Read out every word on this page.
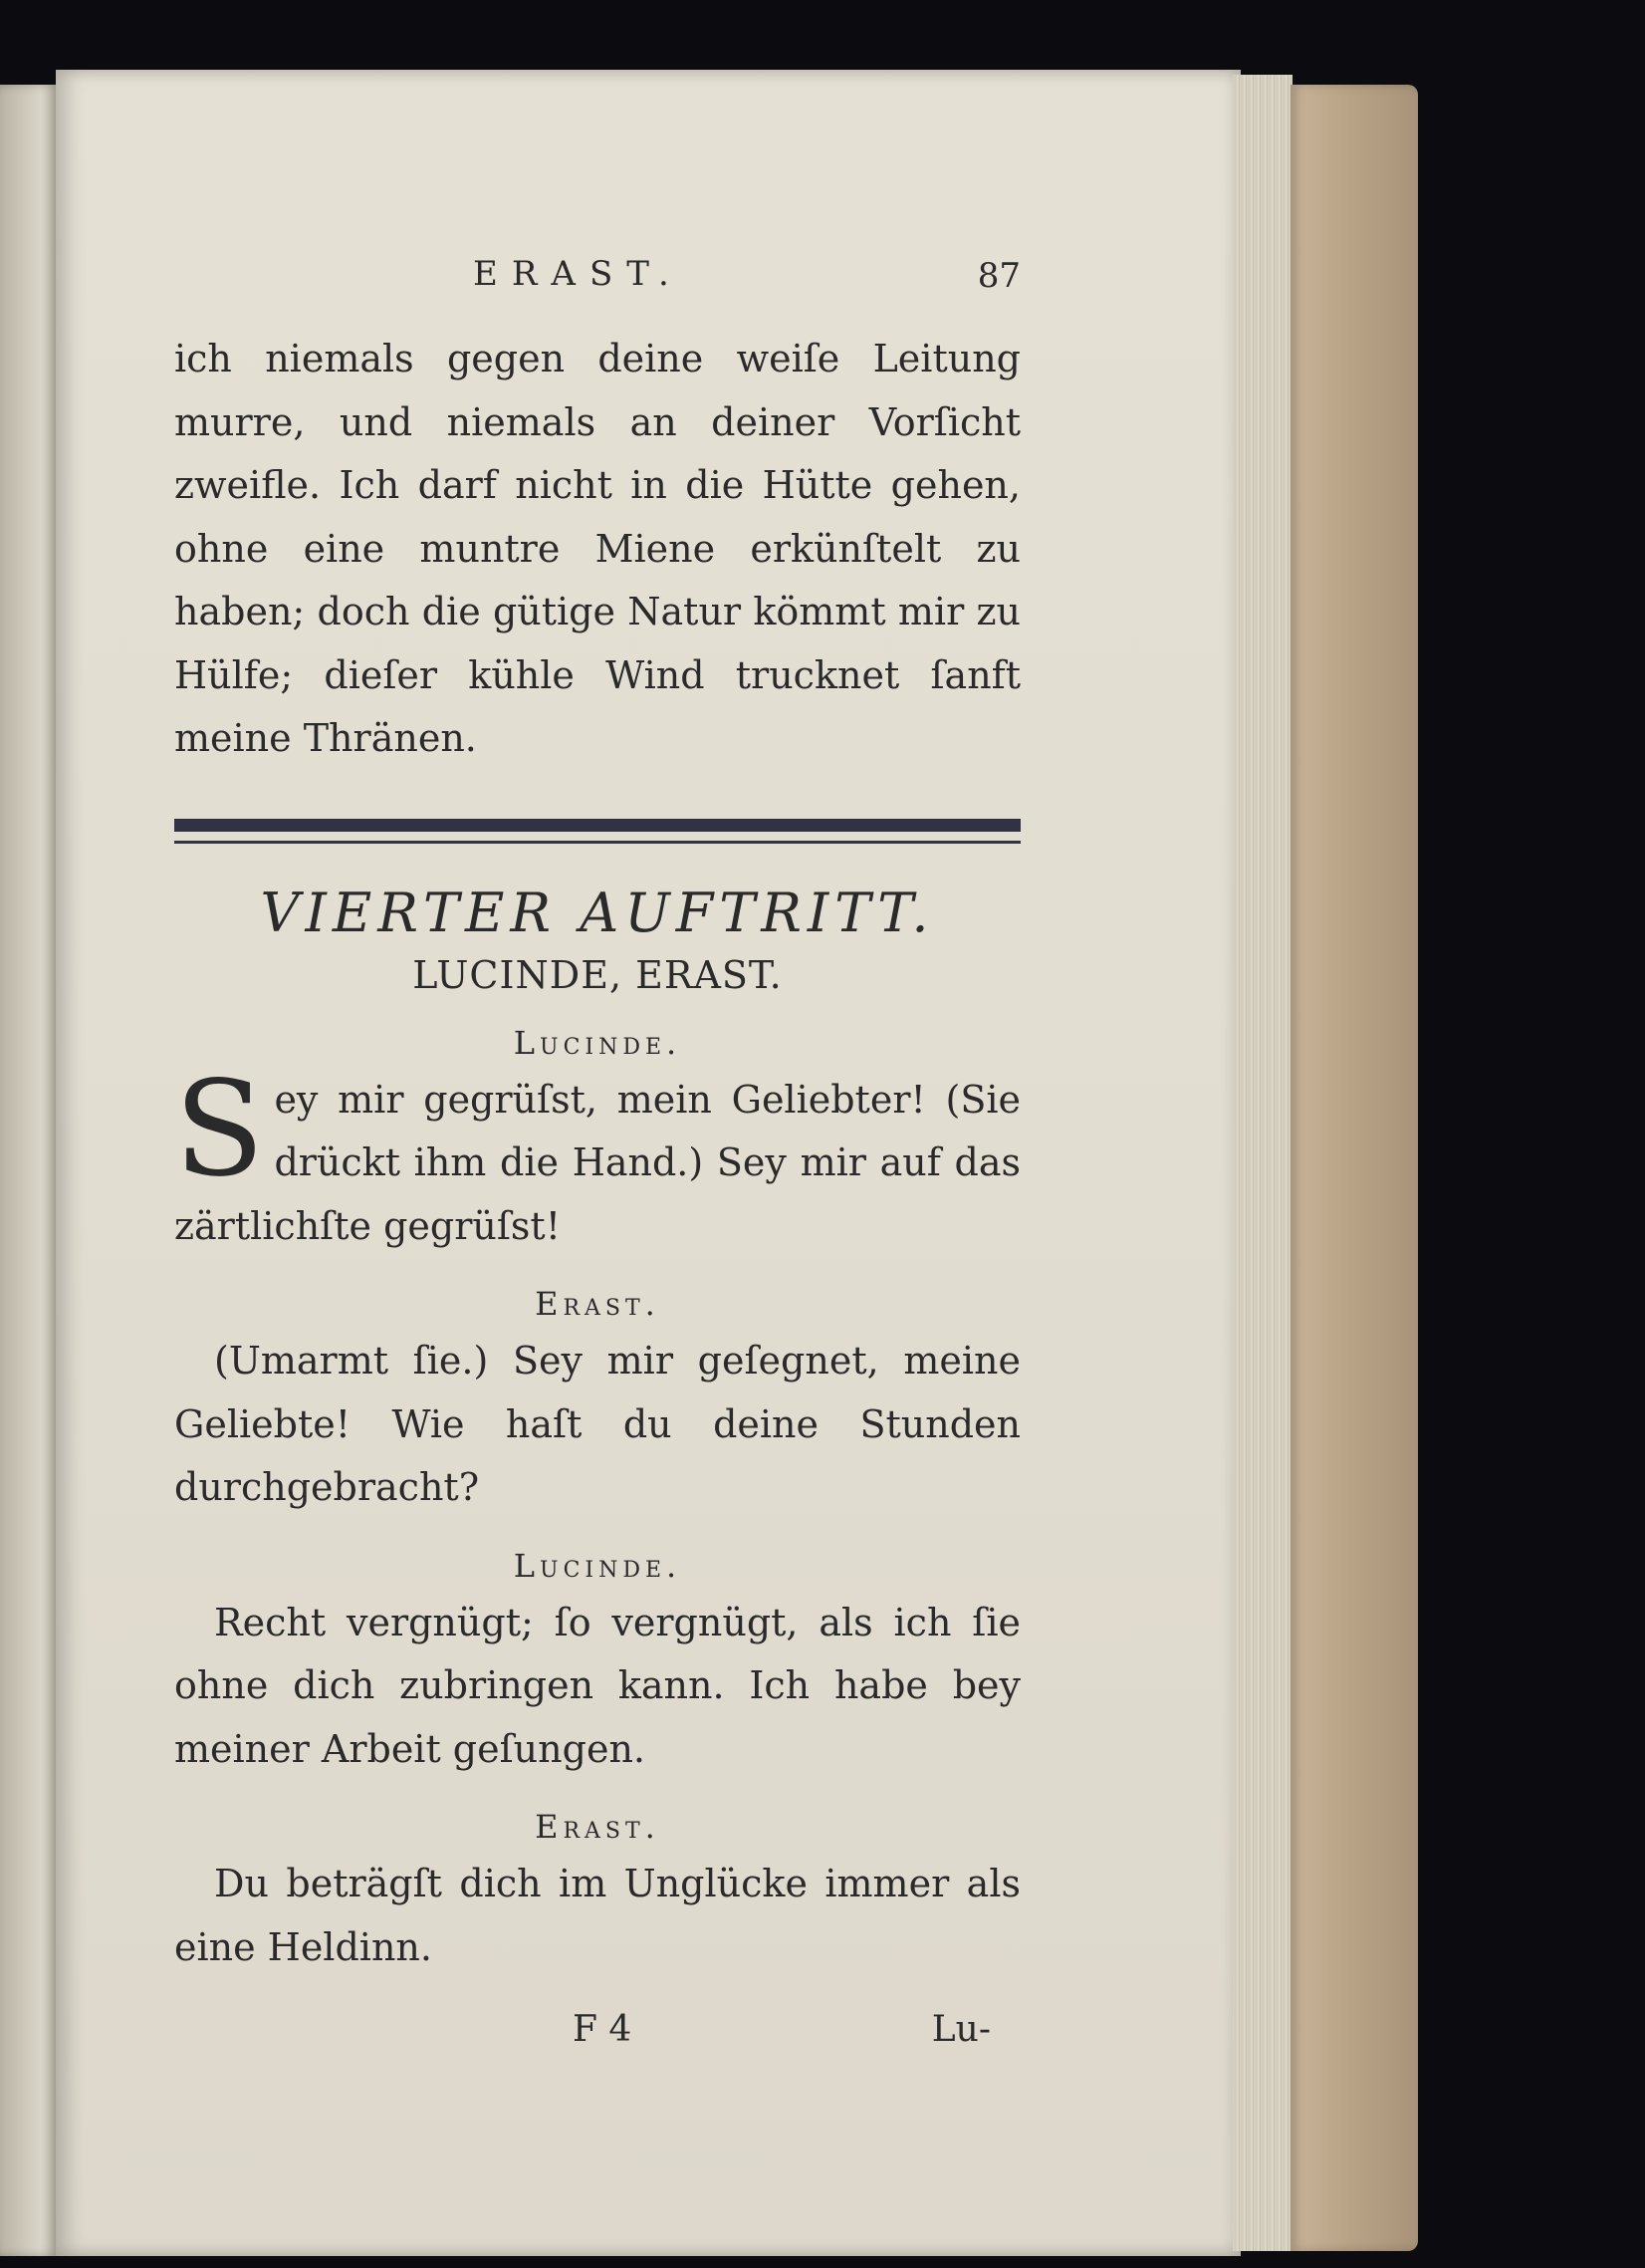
ERAST.	87

ich niemals gegen deine weiſe Leitung murre, und niemals an deiner Vorſicht zweifle. Ich darf nicht in die Hütte gehen, ohne eine muntre Miene erkünſtelt zu haben; doch die gütige Natur kömmt mir zu Hülfe; dieſer kühle Wind trucknet ſanft meine Thränen.

VIERTER AUFTRITT.
LUCINDE, ERAST.
Lucinde.

Sey mir gegrüſst, mein Geliebter! (Sie drückt ihm die Hand.) Sey mir auf das zärtlichſte gegrüſst!

Erast.

(Umarmt ſie.) Sey mir geſegnet, meine Geliebte! Wie haſt du deine Stunden durchgebracht?

Lucinde.

Recht vergnügt; ſo vergnügt, als ich ſie ohne dich zubringen kann. Ich habe bey meiner Arbeit geſungen.

Erast.

Du beträgſt dich im Unglücke immer als eine Heldinn.

F 4	Lu-
